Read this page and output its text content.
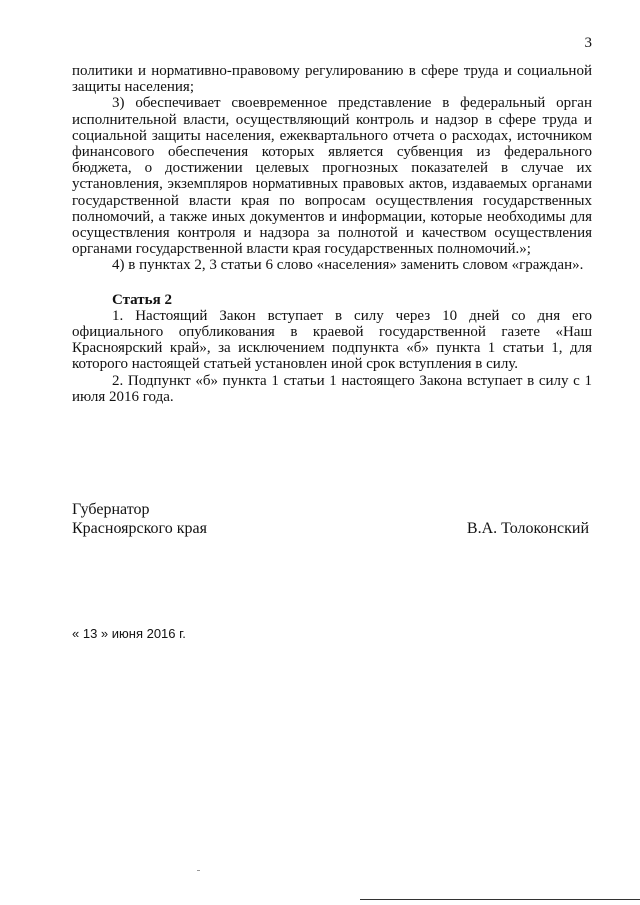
3

политики и нормативно-правовому регулированию в сфере труда и социальной защиты населения;

3) обеспечивает своевременное представление в федеральный орган исполнительной власти, осуществляющий контроль и надзор в сфере труда и социальной защиты населения, ежеквартального отчета о расходах, источником финансового обеспечения которых является субвенция из федерального бюджета, о достижении целевых прогнозных показателей в случае их установления, экземпляров нормативных правовых актов, издаваемых органами государственной власти края по вопросам осуществления государственных полномочий, а также иных документов и информации, которые необходимы для осуществления контроля и надзора за полнотой и качеством осуществления органами государственной власти края государственных полномочий.»;

4) в пунктах 2, 3 статьи 6 слово «населения» заменить словом «граждан».

Статья 2

1. Настоящий Закон вступает в силу через 10 дней со дня его официального опубликования в краевой государственной газете «Наш Красноярский край», за исключением подпункта «б» пункта 1 статьи 1, для которого настоящей статьей установлен иной срок вступления в силу.

2. Подпункт «б» пункта 1 статьи 1 настоящего Закона вступает в силу с 1 июля 2016 года.

Губернатор
Красноярского края	В.А. Толоконский
« 13 » июня 2016 г.
